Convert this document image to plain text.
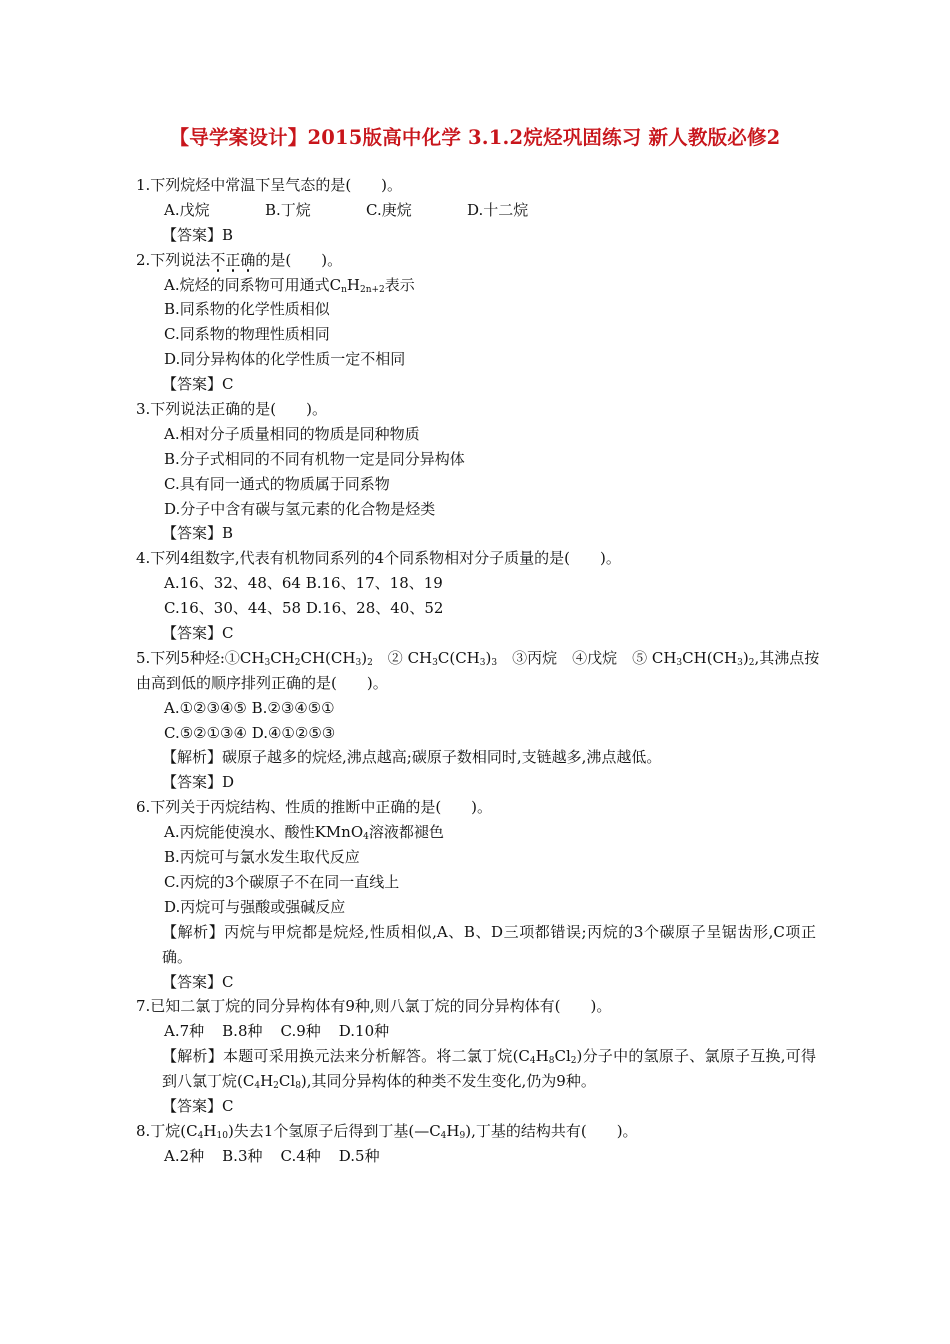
【导学案设计】2015版高中化学 3.1.2烷烃巩固练习 新人教版必修2
1.下列烷烃中常温下呈气态的是(　　)。
A.戊烷	B.丁烷	C.庚烷	D.十二烷
【答案】B
2.下列说法不正确的是(　　)。
A.烷烃的同系物可用通式$C_nH_{2n+2}$表示
B.同系物的化学性质相似
C.同系物的物理性质相同
D.同分异构体的化学性质一定不相同
【答案】C
3.下列说法正确的是(　　)。
A.相对分子质量相同的物质是同种物质
B.分子式相同的不同有机物一定是同分异构体
C.具有同一通式的物质属于同系物
D.分子中含有碳与氢元素的化合物是烃类
【答案】B
4.下列4组数字,代表有机物同系列的4个同系物相对分子质量的是(　　)。
A.16、32、48、64 B.16、17、18、19
C.16、30、44、58 D.16、28、40、52
【答案】C
5.下列5种烃$:①CH_3CH_2CH(CH_3)_2$　② $CH_3C(CH_3)_3$　③丙烷　④戊烷　⑤ $CH_3CH(CH_3)_2$,其沸点按
由高到低的顺序排列正确的是(　　)。
A.①②③④⑤ B.②③④⑤①
C.⑤②①③④ D.④①②⑤③
【解析】碳原子越多的烷烃,沸点越高;碳原子数相同时,支链越多,沸点越低。
【答案】D
6.下列关于丙烷结构、性质的推断中正确的是(　　)。
A.丙烷能使溴水、酸性KMnO$_4$溶液都褪色
B.丙烷可与氯水发生取代反应
C.丙烷的3个碳原子不在同一直线上
D.丙烷可与强酸或强碱反应
【解析】丙烷与甲烷都是烷烃,性质相似,A、B、D三项都错误;丙烷的3个碳原子呈锯齿形,C项正确。
【答案】C
7.已知二氯丁烷的同分异构体有9种,则八氯丁烷的同分异构体有(　　)。
A.7种 B.8种 C.9种 D.10种
【解析】本题可采用换元法来分析解答。将二氯丁烷$(C_4H_8Cl_2)$分子中的氢原子、氯原子互换,可得到八氯丁烷$(C_4H_2Cl_8)$,其同分异构体的种类不发生变化,仍为9种。
【答案】C
8.丁烷$(C_4H_{10})$失去1个氢原子后得到丁基$(—C_4H_9)$,丁基的结构共有(　　)。
A.2种 B.3种 C.4种 D.5种
